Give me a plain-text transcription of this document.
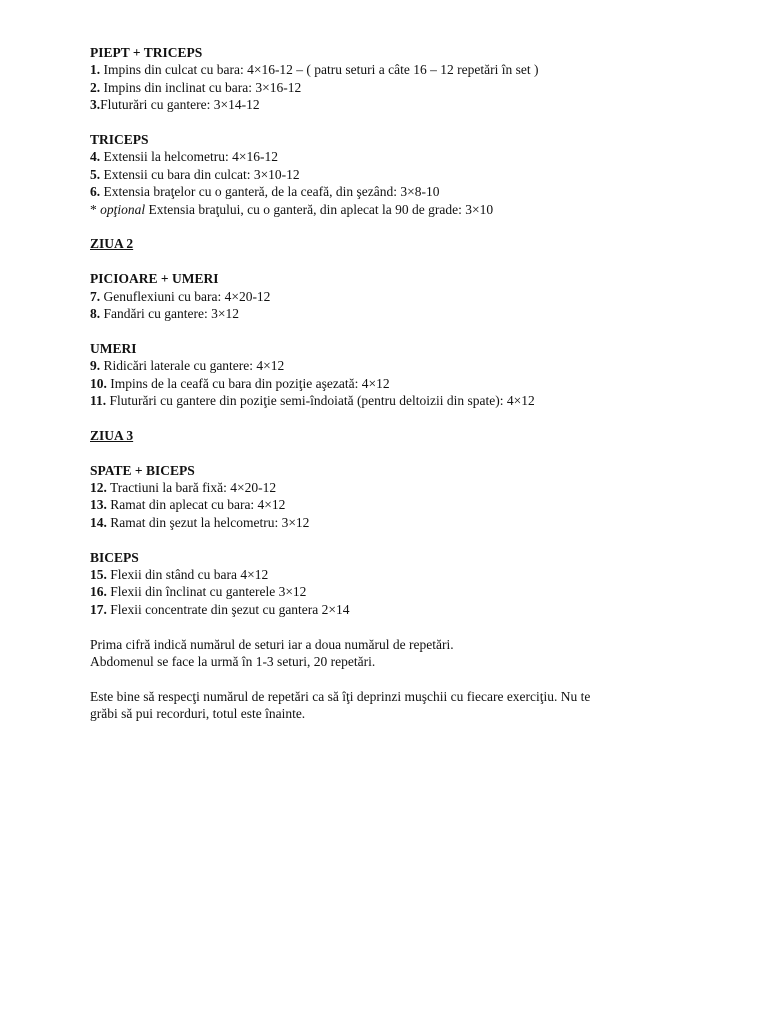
PIEPT + TRICEPS
1. Impins din culcat cu bara: 4×16-12 – ( patru seturi a câte 16 – 12 repetări în set )
2. Impins din inclinat cu bara: 3×16-12
3.Fluturări cu gantere: 3×14-12
TRICEPS
4. Extensii la helcometru: 4×16-12
5. Extensii cu bara din culcat: 3×10-12
6. Extensia braţelor cu o ganteră, de la ceafă, din şezând: 3×8-10
* opţional Extensia braţului, cu o ganteră, din aplecat la 90 de grade: 3×10
ZIUA 2
PICIOARE + UMERI
7. Genuflexiuni cu bara: 4×20-12
8. Fandări cu gantere: 3×12
UMERI
9. Ridicări laterale cu gantere: 4×12
10. Impins de la ceafă cu bara din poziţie aşezată: 4×12
11. Fluturări cu gantere din poziţie semi-îndoiată (pentru deltoizii din spate): 4×12
ZIUA 3
SPATE + BICEPS
12. Tractiuni la bară fixă: 4×20-12
13. Ramat din aplecat cu bara: 4×12
14. Ramat din şezut la helcometru: 3×12
BICEPS
15. Flexii din stând cu bara 4×12
16. Flexii din înclinat cu ganterele 3×12
17. Flexii concentrate din şezut cu gantera 2×14
Prima cifră indică numărul de seturi iar a doua numărul de repetări.
Abdomenul se face la urmă în 1-3 seturi, 20 repetări.
Este bine să respecţi numărul de repetări ca să îţi deprinzi muşchii cu fiecare exerciţiu. Nu te
grăbi să pui recorduri, totul este înainte.
